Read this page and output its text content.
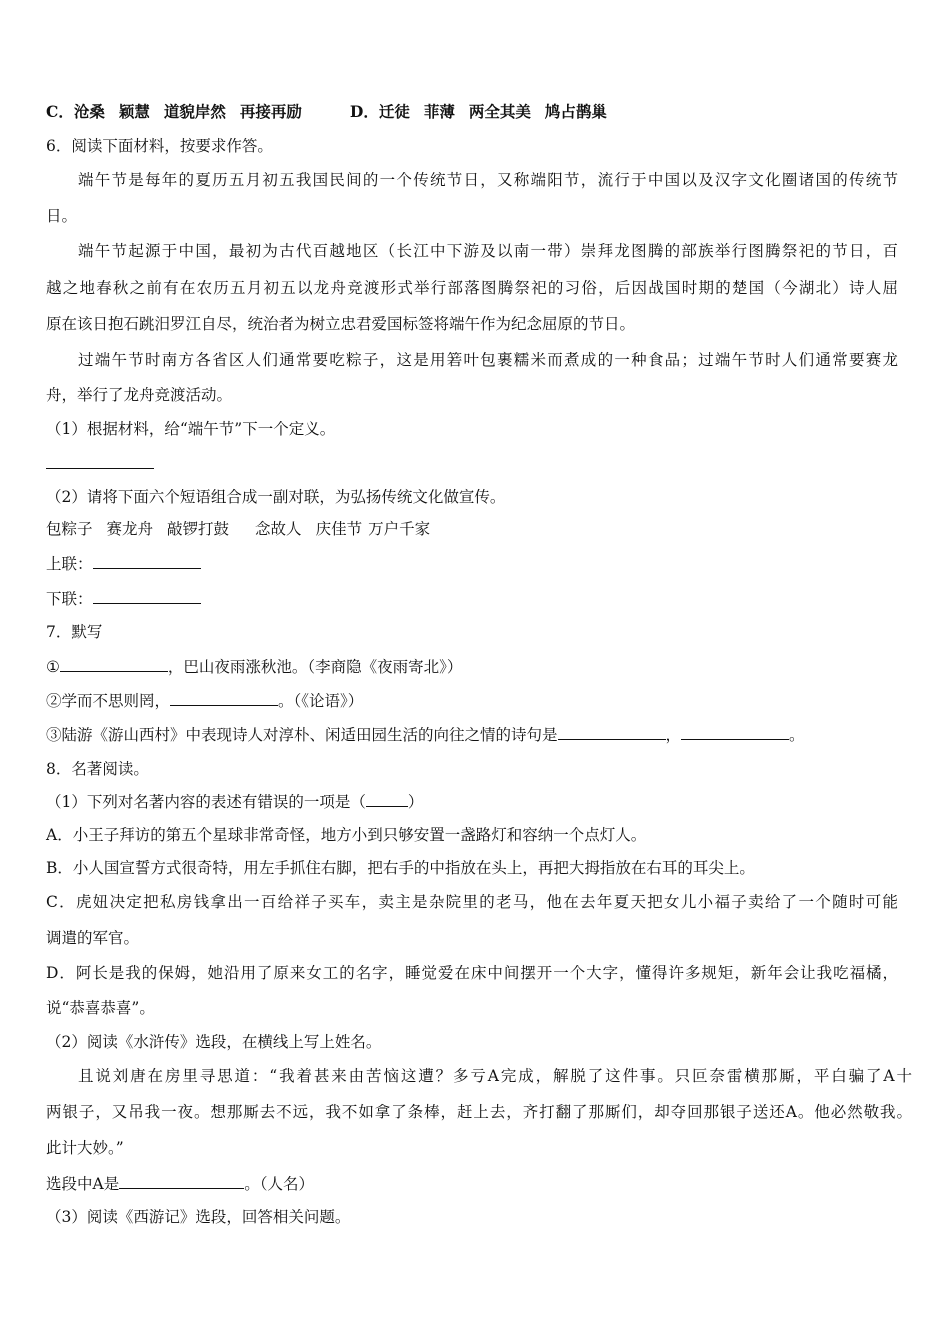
C．沧桑 颖慧 道貌岸然 再接再励	D．迁徒 菲薄 两全其美 鸠占鹊巢
6．阅读下面材料，按要求作答。
端午节是每年的夏历五月初五我国民间的一个传统节日，又称端阳节，流行于中国以及汉字文化圈诸国的传统节
日。
端午节起源于中国，最初为古代百越地区（长江中下游及以南一带）崇拜龙图腾的部族举行图腾祭祀的节日，百
越之地春秋之前有在农历五月初五以龙舟竞渡形式举行部落图腾祭祀的习俗，后因战国时期的楚国（今湖北）诗人屈
原在该日抱石跳汨罗江自尽，统治者为树立忠君爱国标签将端午作为纪念屈原的节日。
过端午节时南方各省区人们通常要吃粽子，这是用箬叶包裹糯米而煮成的一种食品；过端午节时人们通常要赛龙
舟，举行了龙舟竞渡活动。
（1）根据材料，给“端午节”下一个定义。
（2）请将下面六个短语组合成一副对联，为弘扬传统文化做宣传。
包粽子 赛龙舟 敲锣打鼓 念故人 庆佳节 万户千家
上联：
下联：
7．默写
①	，巴山夜雨涨秋池。（李商隐《夜雨寄北》）
②学而不思则罔，	。（《论语》）
③陆游《游山西村》中表现诗人对淳朴、闲适田园生活的向往之情的诗句是	，	。
8．名著阅读。
（1）下列对名著内容的表述有错误的一项是（	）
A．小王子拜访的第五个星球非常奇怪，地方小到只够安置一盏路灯和容纳一个点灯人。
B．小人国宣誓方式很奇特，用左手抓住右脚，把右手的中指放在头上，再把大拇指放在右耳的耳尖上。
C．虎妞决定把私房钱拿出一百给祥子买车，卖主是杂院里的老马，他在去年夏天把女儿小福子卖给了一个随时可能
调遣的军官。
D．阿长是我的保姆，她沿用了原来女工的名字，睡觉爱在床中间摆开一个大字，懂得许多规矩，新年会让我吃福橘，
说“恭喜恭喜”。
（2）阅读《水浒传》选段，在横线上写上姓名。
且说刘唐在房里寻思道：“我着甚来由苦恼这遭？多亏A完成，解脱了这件事。只叵奈雷横那厮，平白骗了A十
两银子，又吊我一夜。想那厮去不远，我不如拿了条棒，赶上去，齐打翻了那厮们，却夺回那银子送还A。他必然敬我。
此计大妙。”
选段中A是	。（人名）
（3）阅读《西游记》选段，回答相关问题。
